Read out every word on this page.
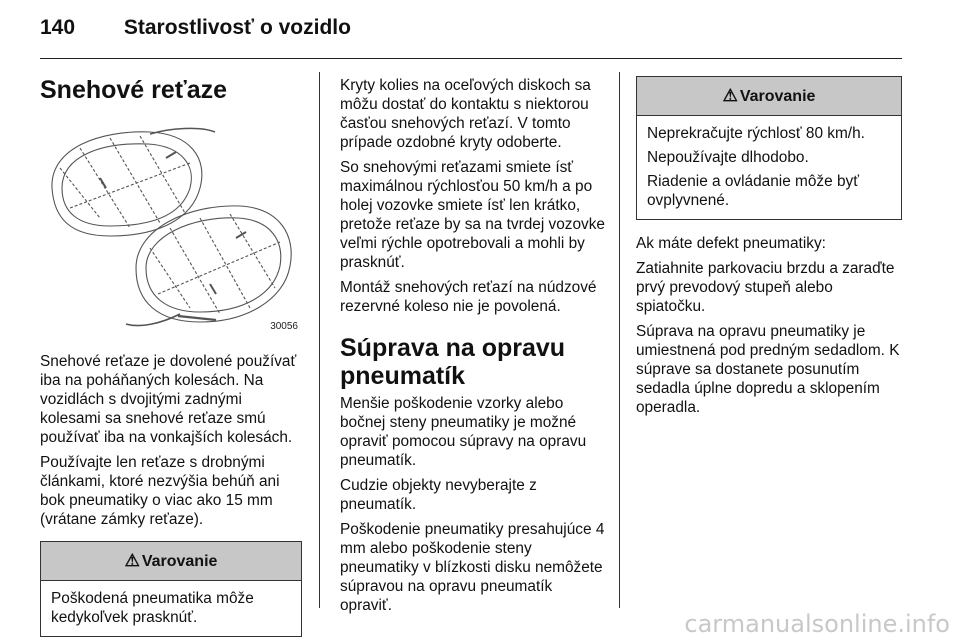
140 Starostlivosť o vozidlo
Snehové reťaze
30056

Snehové reťaze je dovolené používať iba na poháňaných kolesách. Na vozidlách s dvojitými zadnými kolesami sa snehové reťaze smú používať iba na vonkajších kolesách.

Používajte len reťaze s drobnými článkami, ktoré nezvýšia behúň ani bok pneumatiky o viac ako 15 mm (vrátane zámky reťaze).

⚠ Varovanie

Poškodená pneumatika môže kedykoľvek prasknúť.

Kryty kolies na oceľových diskoch sa môžu dostať do kontaktu s niektorou časťou snehových reťazí. V tomto prípade ozdobné kryty odoberte.

So snehovými reťazami smiete ísť maximálnou rýchlosťou 50 km/h a po holej vozovke smiete ísť len krátko, pretože reťaze by sa na tvrdej vozovke veľmi rýchle opotrebovali a mohli by prasknúť.

Montáž snehových reťazí na núdzové rezervné koleso nie je povolená.

Súprava na opravu pneumatík

Menšie poškodenie vzorky alebo bočnej steny pneumatiky je možné opraviť pomocou súpravy na opravu pneumatík.

Cudzie objekty nevyberajte z pneumatík.

Poškodenie pneumatiky presahujúce 4 mm alebo poškodenie steny pneumatiky v blízkosti disku nemôžete súpravou na opravu pneumatík opraviť.

⚠ Varovanie

Neprekračujte rýchlosť 80 km/h.

Nepoužívajte dlhodobo.

Riadenie a ovládanie môže byť ovplyvnené.

Ak máte defekt pneumatiky:

Zatiahnite parkovaciu brzdu a zaraďte prvý prevodový stupeň alebo spiatočku.

Súprava na opravu pneumatiky je umiestnená pod predným sedadlom. K súprave sa dostanete posunutím sedadla úplne dopredu a sklopením operadla.

carmanualsonline.info
